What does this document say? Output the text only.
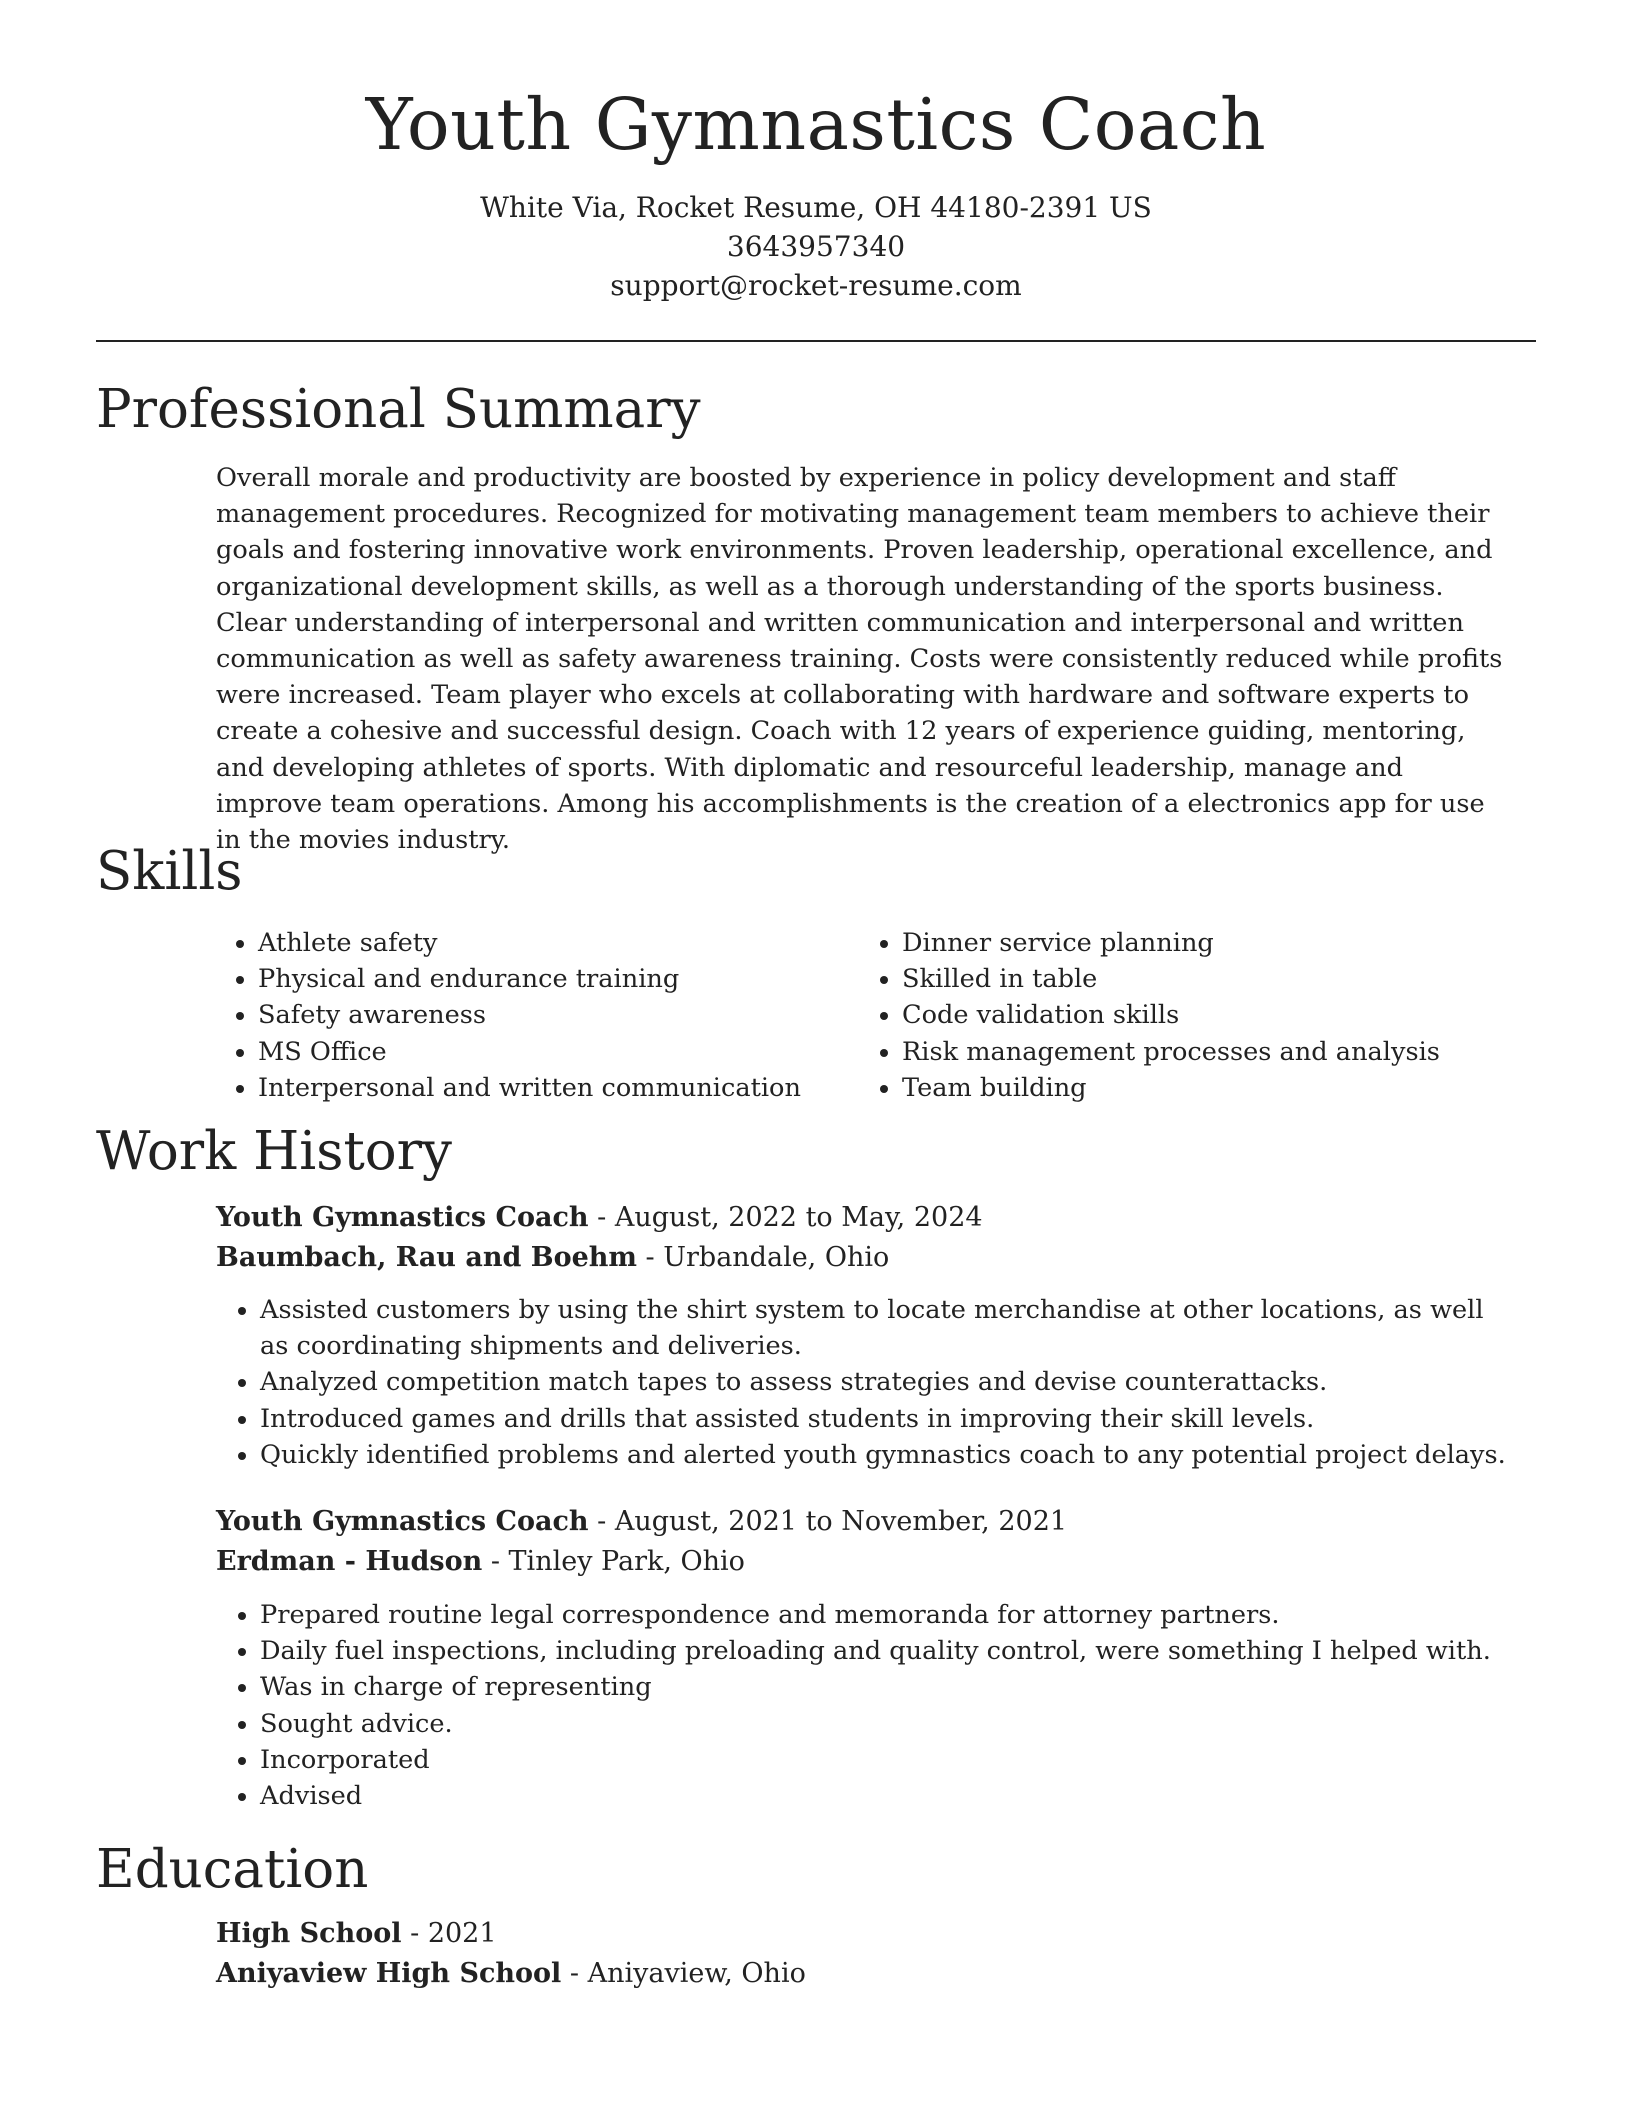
Youth Gymnastics Coach
White Via, Rocket Resume, OH 44180-2391 US
3643957340
support@rocket-resume.com
Professional Summary

Overall morale and productivity are boosted by experience in policy development and staff management procedures. Recognized for motivating management team members to achieve their goals and fostering innovative work environments. Proven leadership, operational excellence, and organizational development skills, as well as a thorough understanding of the sports business. Clear understanding of interpersonal and written communication and interpersonal and written communication as well as safety awareness training. Costs were consistently reduced while profits were increased. Team player who excels at collaborating with hardware and software experts to create a cohesive and successful design. Coach with 12 years of experience guiding, mentoring, and developing athletes of sports. With diplomatic and resourceful leadership, manage and improve team operations. Among his accomplishments is the creation of a electronics app for use in the movies industry.

Skills
• Athlete safety
• Physical and endurance training
• Safety awareness
• MS Office
• Interpersonal and written communication
• Dinner service planning
• Skilled in table
• Code validation skills
• Risk management processes and analysis
• Team building
Work History
Youth Gymnastics Coach - August, 2022 to May, 2024
Baumbach, Rau and Boehm - Urbandale, Ohio
• Assisted customers by using the shirt system to locate merchandise at other locations, as well as coordinating shipments and deliveries.
• Analyzed competition match tapes to assess strategies and devise counterattacks.
• Introduced games and drills that assisted students in improving their skill levels.
• Quickly identified problems and alerted youth gymnastics coach to any potential project delays.
Youth Gymnastics Coach - August, 2021 to November, 2021
Erdman - Hudson - Tinley Park, Ohio
• Prepared routine legal correspondence and memoranda for attorney partners.
• Daily fuel inspections, including preloading and quality control, were something I helped with.
• Was in charge of representing
• Sought advice.
• Incorporated
• Advised
Education
High School - 2021
Aniyaview High School - Aniyaview, Ohio
